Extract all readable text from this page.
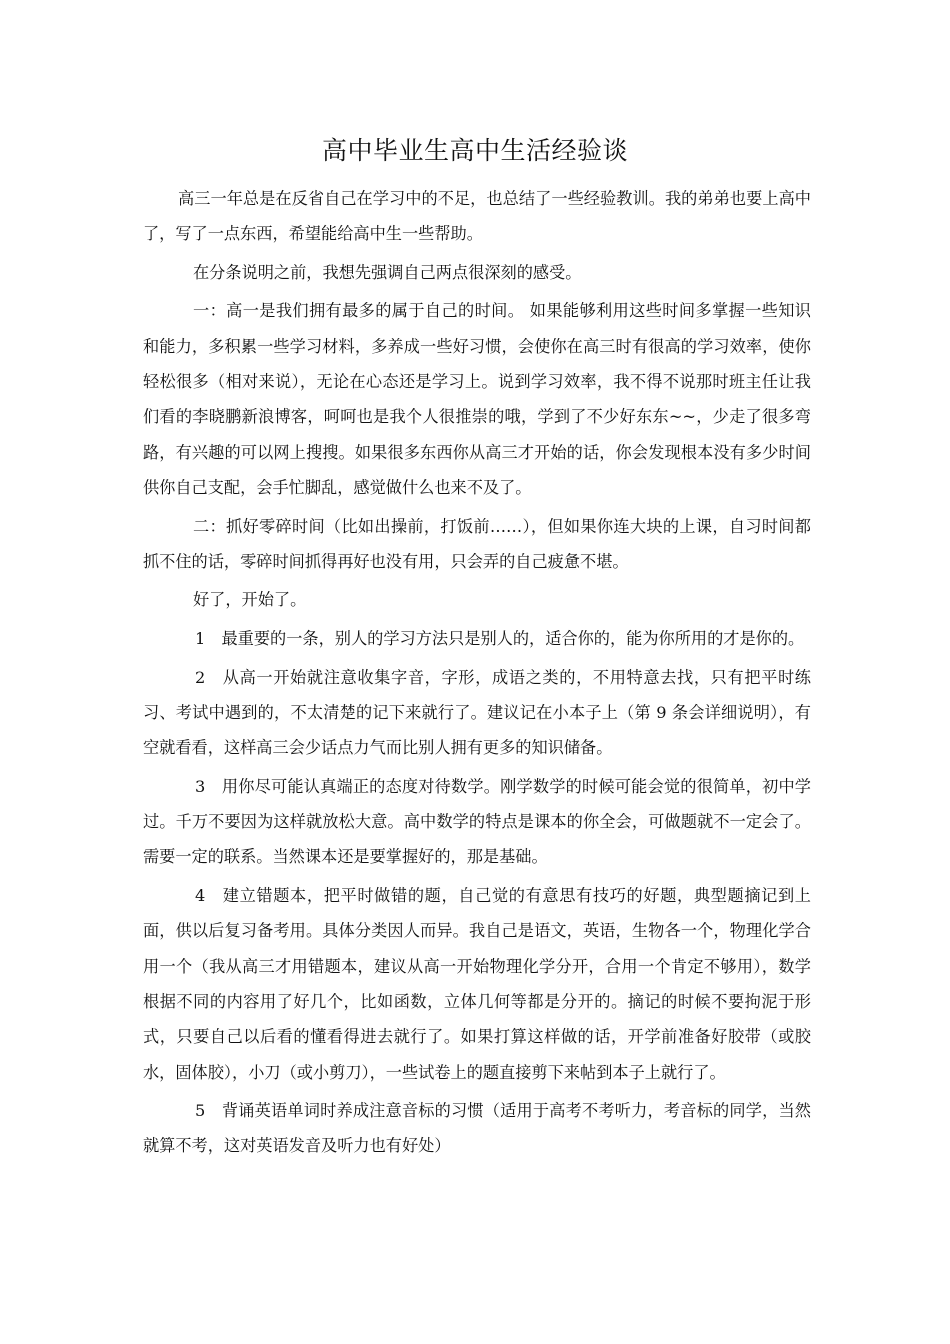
高中毕业生高中生活经验谈

高三一年总是在反省自己在学习中的不足，也总结了一些经验教训。我的弟弟也要上高中了，写了一点东西，希望能给高中生一些帮助。

在分条说明之前，我想先强调自己两点很深刻的感受。

一：高一是我们拥有最多的属于自己的时间。 如果能够利用这些时间多掌握一些知识和能力，多积累一些学习材料，多养成一些好习惯，会使你在高三时有很高的学习效率，使你轻松很多（相对来说），无论在心态还是学习上。说到学习效率，我不得不说那时班主任让我们看的李晓鹏新浪博客，呵呵也是我个人很推崇的哦，学到了不少好东东~~，少走了很多弯路，有兴趣的可以网上搜搜。如果很多东西你从高三才开始的话，你会发现根本没有多少时间供你自己支配，会手忙脚乱，感觉做什么也来不及了。

二：抓好零碎时间（比如出操前，打饭前……），但如果你连大块的上课，自习时间都抓不住的话，零碎时间抓得再好也没有用，只会弄的自己疲惫不堪。

好了，开始了。

1　最重要的一条，别人的学习方法只是别人的，适合你的，能为你所用的才是你的。

2　从高一开始就注意收集字音，字形，成语之类的，不用特意去找，只有把平时练习、考试中遇到的，不太清楚的记下来就行了。建议记在小本子上（第 9 条会详细说明），有空就看看，这样高三会少话点力气而比别人拥有更多的知识储备。

3　用你尽可能认真端正的态度对待数学。刚学数学的时候可能会觉的很简单，初中学过。千万不要因为这样就放松大意。高中数学的特点是课本的你全会，可做题就不一定会了。需要一定的联系。当然课本还是要掌握好的，那是基础。

4　建立错题本，把平时做错的题，自己觉的有意思有技巧的好题，典型题摘记到上面，供以后复习备考用。具体分类因人而异。我自己是语文，英语，生物各一个，物理化学合用一个（我从高三才用错题本，建议从高一开始物理化学分开，合用一个肯定不够用），数学根据不同的内容用了好几个，比如函数，立体几何等都是分开的。摘记的时候不要拘泥于形式，只要自己以后看的懂看得进去就行了。如果打算这样做的话，开学前准备好胶带（或胶水，固体胶），小刀（或小剪刀），一些试卷上的题直接剪下来帖到本子上就行了。

5　背诵英语单词时养成注意音标的习惯（适用于高考不考听力，考音标的同学，当然就算不考，这对英语发音及听力也有好处）
